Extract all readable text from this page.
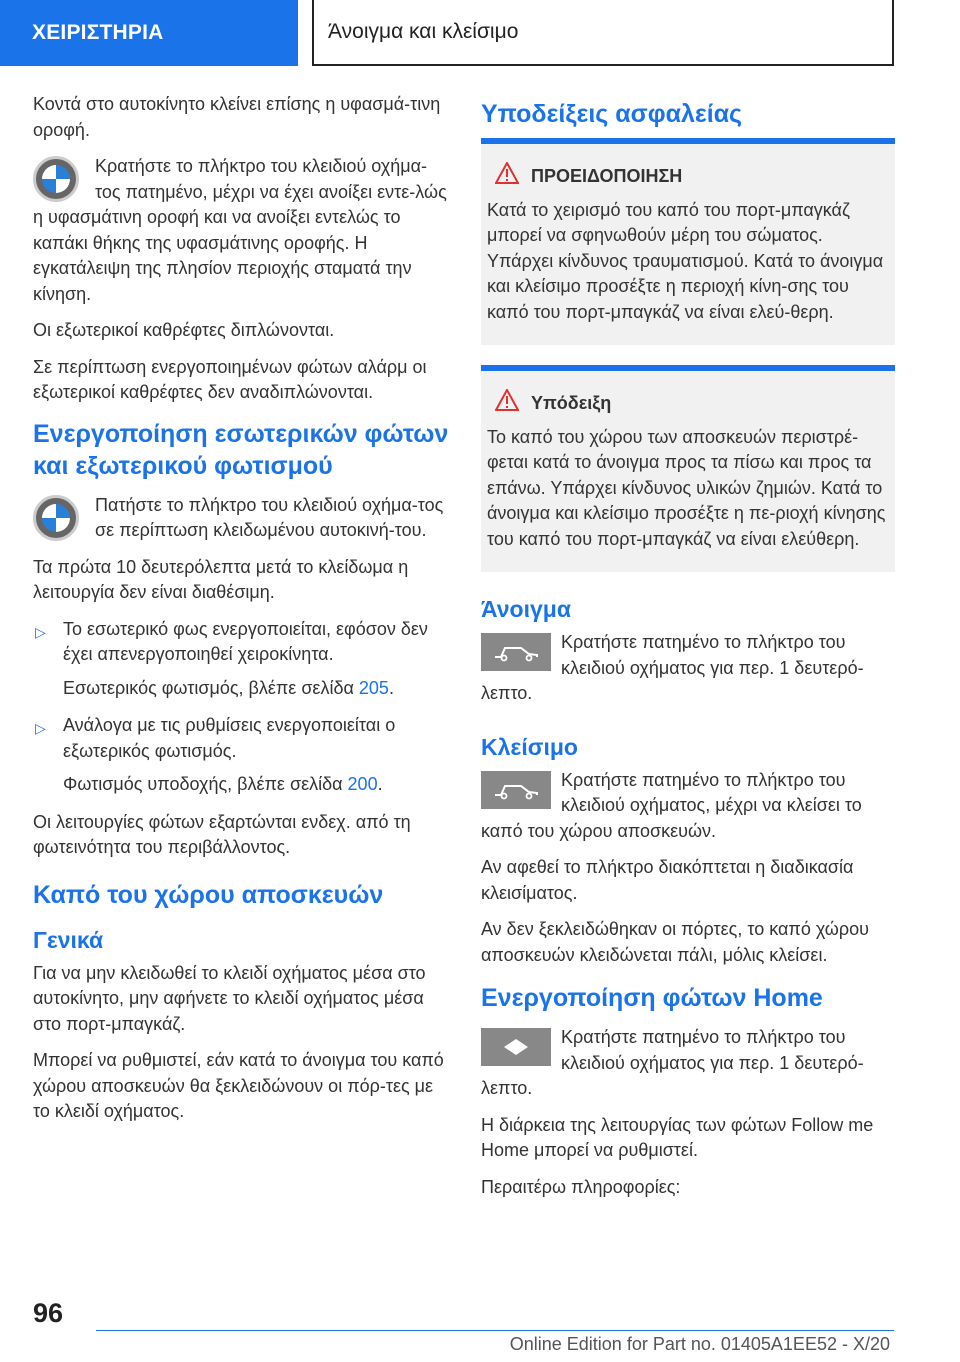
ΧΕΙΡΙΣΤΗΡΙΑ	Άνοιγμα και κλείσιμο

Κοντά στο αυτοκίνητο κλείνει επίσης η υφασμά-τινη οροφή.

Κρατήστε το πλήκτρο του κλειδιού οχήμα-τος πατημένο, μέχρι να έχει ανοίξει εντε-λώς η υφασμάτινη οροφή και να ανοίξει εντελώς το καπάκι θήκης της υφασμάτινης οροφής. Η εγκατάλειψη της πλησίον περιοχής σταματά την κίνηση.

Οι εξωτερικοί καθρέφτες διπλώνονται.

Σε περίπτωση ενεργοποιημένων φώτων αλάρμ οι εξωτερικοί καθρέφτες δεν αναδιπλώνονται.

Ενεργοποίηση εσωτερικών φώτων και εξωτερικού φωτισμού

Πατήστε το πλήκτρο του κλειδιού οχήμα-τος σε περίπτωση κλειδωμένου αυτοκινή-του.

Τα πρώτα 10 δευτερόλεπτα μετά το κλείδωμα η λειτουργία δεν είναι διαθέσιμη.

▷ Το εσωτερικό φως ενεργοποιείται, εφόσον δεν έχει απενεργοποιηθεί χειροκίνητα.
Εσωτερικός φωτισμός, βλέπε σελίδα 205.
▷ Ανάλογα με τις ρυθμίσεις ενεργοποιείται ο εξωτερικός φωτισμός.
Φωτισμός υποδοχής, βλέπε σελίδα 200.

Οι λειτουργίες φώτων εξαρτώνται ενδεχ. από τη φωτεινότητα του περιβάλλοντος.

Καπό του χώρου αποσκευών
Γενικά

Για να μην κλειδωθεί το κλειδί οχήματος μέσα στο αυτοκίνητο, μην αφήνετε το κλειδί οχήματος μέσα στο πορτ-μπαγκάζ.

Μπορεί να ρυθμιστεί, εάν κατά το άνοιγμα του καπό χώρου αποσκευών θα ξεκλειδώνουν οι πόρ-τες με το κλειδί οχήματος.

Υποδείξεις ασφαλείας
ΠΡΟΕΙΔΟΠΟΙΗΣΗ

Κατά το χειρισμό του καπό του πορτ-μπαγκάζ μπορεί να σφηνωθούν μέρη του σώματος. Υπάρχει κίνδυνος τραυματισμού. Κατά το άνοιγμα και κλείσιμο προσέξτε η περιοχή κίνη-σης του καπό του πορτ-μπαγκάζ να είναι ελεύ-θερη.

Υπόδειξη

Το καπό του χώρου των αποσκευών περιστρέ-φεται κατά το άνοιγμα προς τα πίσω και προς τα επάνω. Υπάρχει κίνδυνος υλικών ζημιών. Κατά το άνοιγμα και κλείσιμο προσέξτε η πε-ριοχή κίνησης του καπό του πορτ-μπαγκάζ να είναι ελεύθερη.

Άνοιγμα

Κρατήστε πατημένο το πλήκτρο του κλειδιού οχήματος για περ. 1 δευτερό-λεπτο.

Κλείσιμο

Κρατήστε πατημένο το πλήκτρο του κλειδιού οχήματος, μέχρι να κλείσει το καπό του χώρου αποσκευών.

Αν αφεθεί το πλήκτρο διακόπτεται η διαδικασία κλεισίματος.

Αν δεν ξεκλειδώθηκαν οι πόρτες, το καπό χώρου αποσκευών κλειδώνεται πάλι, μόλις κλείσει.

Ενεργοποίηση φώτων Home

Κρατήστε πατημένο το πλήκτρο του κλειδιού οχήματος για περ. 1 δευτερό-λεπτο.

Η διάρκεια της λειτουργίας των φώτων Follow me Home μπορεί να ρυθμιστεί.

Περαιτέρω πληροφορίες:

96
Online Edition for Part no. 01405A1EE52 - X/20
